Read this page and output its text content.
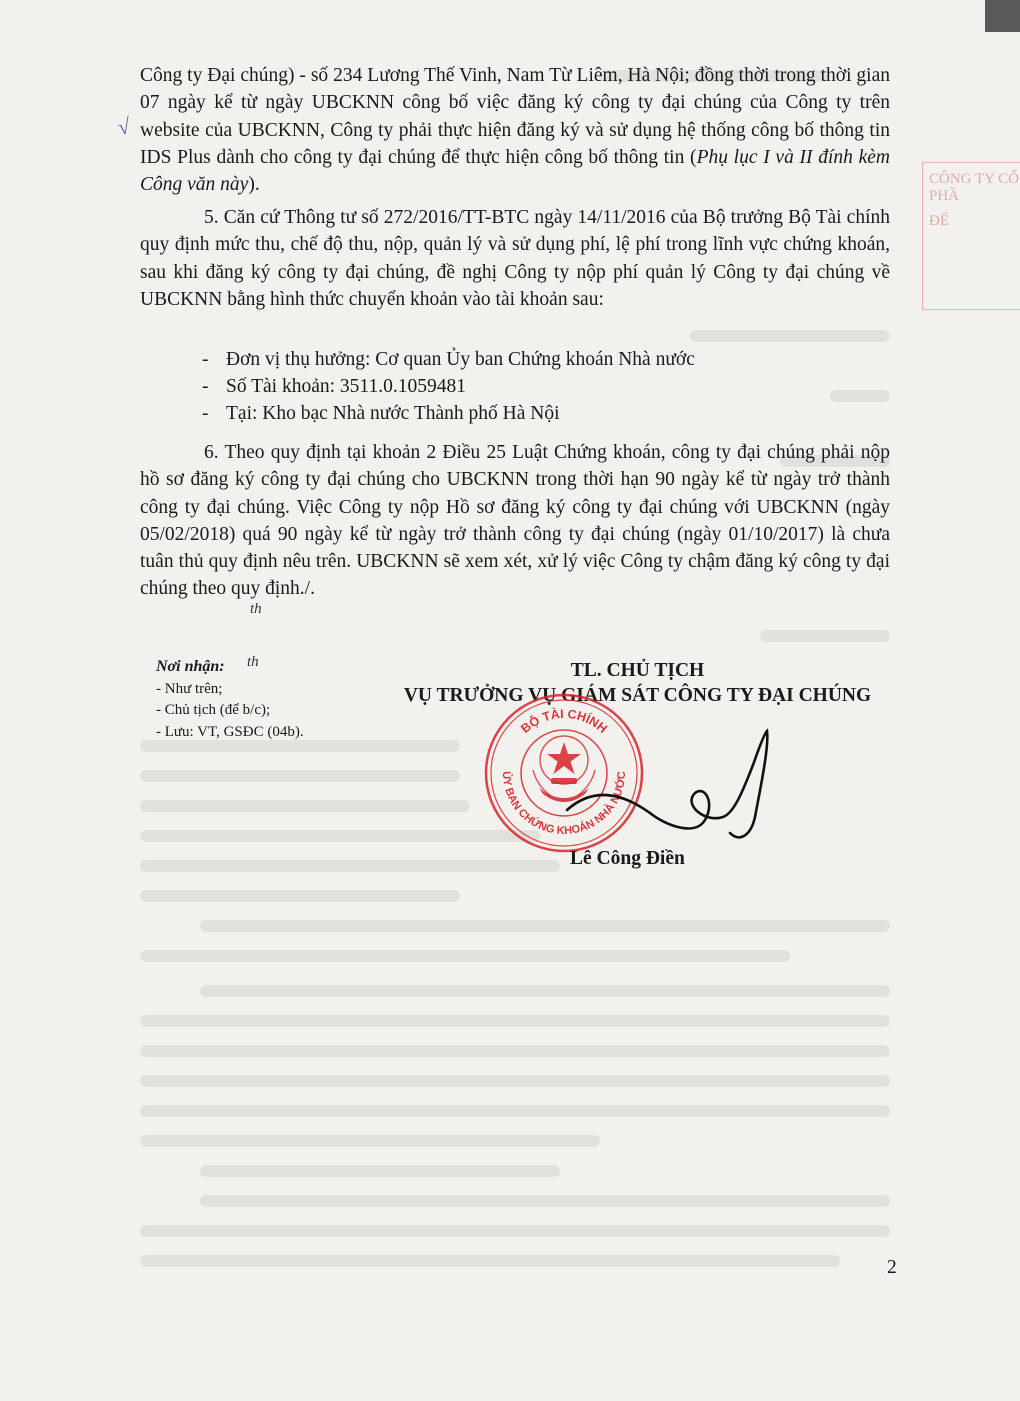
CÔNG TY CỔ PHẦ
ĐẾ
√

Công ty Đại chúng) - số 234 Lương Thế Vinh, Nam Từ Liêm, Hà Nội; đồng thời trong thời gian 07 ngày kể từ ngày UBCKNN công bố việc đăng ký công ty đại chúng của Công ty trên website của UBCKNN, Công ty phải thực hiện đăng ký và sử dụng hệ thống công bố thông tin IDS Plus dành cho công ty đại chúng để thực hiện công bố thông tin (Phụ lục I và II đính kèm Công văn này).

5. Căn cứ Thông tư số 272/2016/TT-BTC ngày 14/11/2016 của Bộ trưởng Bộ Tài chính quy định mức thu, chế độ thu, nộp, quản lý và sử dụng phí, lệ phí trong lĩnh vực chứng khoán, sau khi đăng ký công ty đại chúng, đề nghị Công ty nộp phí quản lý Công ty đại chúng về UBCKNN bằng hình thức chuyển khoản vào tài khoản sau:

- Đơn vị thụ hưởng: Cơ quan Ủy ban Chứng khoán Nhà nước
- Số Tài khoản: 3511.0.1059481
- Tại: Kho bạc Nhà nước Thành phố Hà Nội

6. Theo quy định tại khoản 2 Điều 25 Luật Chứng khoán, công ty đại chúng phải nộp hồ sơ đăng ký công ty đại chúng cho UBCKNN trong thời hạn 90 ngày kể từ ngày trở thành công ty đại chúng. Việc Công ty nộp Hồ sơ đăng ký công ty đại chúng với UBCKNN (ngày 05/02/2018) quá 90 ngày kể từ ngày trở thành công ty đại chúng (ngày 01/10/2017) là chưa tuân thủ quy định nêu trên. UBCKNN sẽ xem xét, xử lý việc Công ty chậm đăng ký công ty đại chúng theo quy định./.

th
Nơi nhận:
- Như trên;
- Chủ tịch (để b/c);
- Lưu: VT, GSĐC (04b).
th	TL. CHỦ TỊCH
VỤ TRƯỞNG VỤ GIÁM SÁT CÔNG TY ĐẠI CHÚNG
BỘ TÀI CHÍNH
ỦY BAN CHỨNG KHOÁN NHÀ NƯỚC
Lê Công Điền
2
